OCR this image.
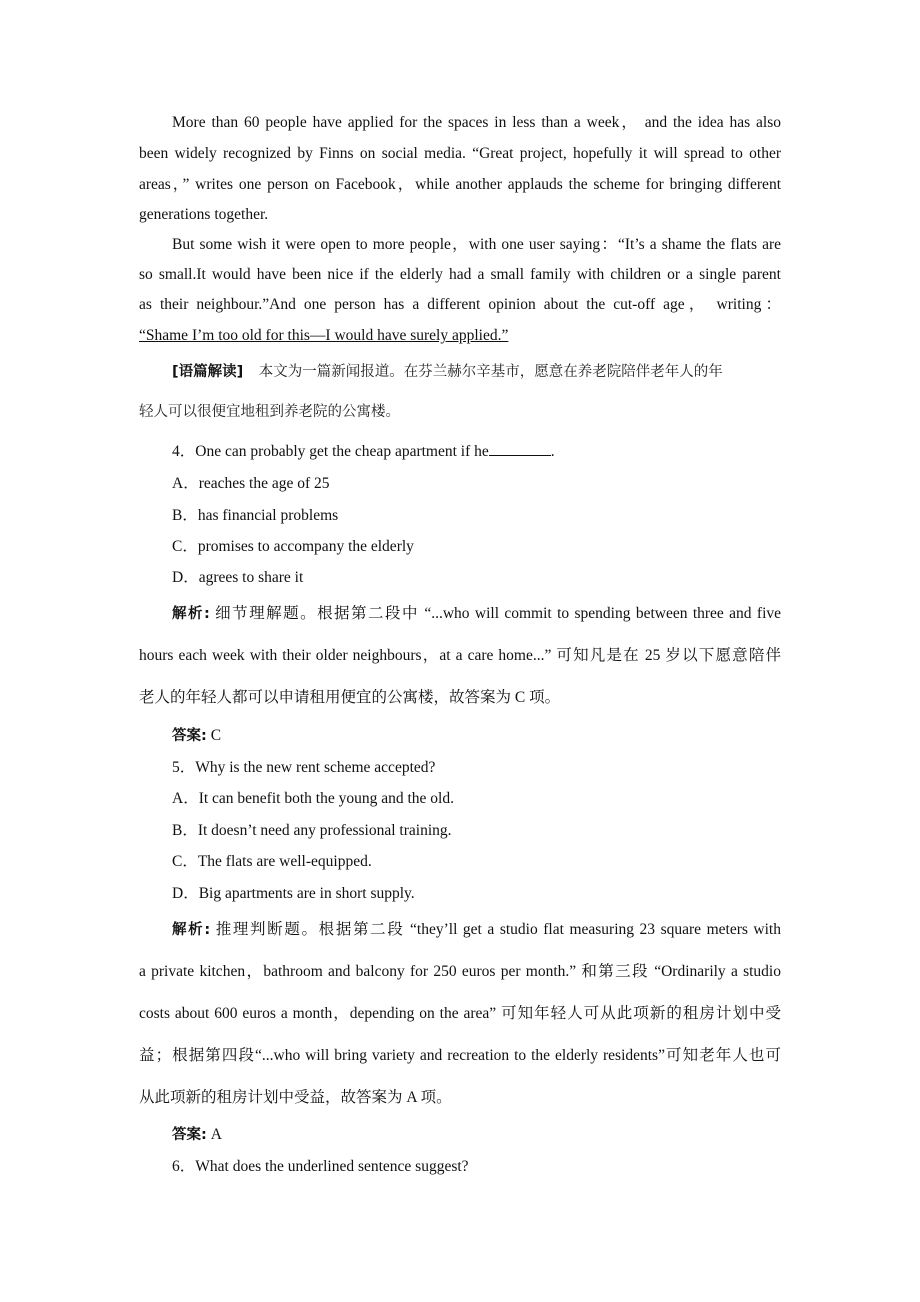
More than 60 people have applied for the spaces in less than a week， and the idea has also
been widely recognized by Finns on social media. “Great project, hopefully it will spread to other
areas，” writes one person on Facebook，while another applauds the scheme for bringing different
generations together.
But some wish it were open to more people，with one user saying：“It’s a shame the flats are
so small.It would have been nice if the elderly had a small family with children or a single parent
as their neighbour.”And one person has a different opinion about the cut-off age， writing：
“Shame I’m too old for this—I would have surely applied.”
[语篇解读] 本文为一篇新闻报道。在芬兰赫尔辛基市，愿意在养老院陪伴老年人的年
轻人可以很便宜地租到养老院的公寓楼。
4．One can probably get the cheap apartment if he	.
A．reaches the age of 25
B．has financial problems
C．promises to accompany the elderly
D．agrees to share it
解析: 细节理解题。根据第二段中 “...who will commit to spending between three and five
hours each week with their older neighbours，at a care home...” 可知凡是在 25 岁以下愿意陪伴
老人的年轻人都可以申请租用便宜的公寓楼，故答案为 C 项。
答案: C
5．Why is the new rent scheme accepted?
A．It can benefit both the young and the old.
B．It doesn’t need any professional training.
C．The flats are well-equipped.
D．Big apartments are in short supply.
解析: 推理判断题。根据第二段 “they’ll get a studio flat measuring 23 square meters with
a private kitchen，bathroom and balcony for 250 euros per month.” 和第三段 “Ordinarily a studio
costs about 600 euros a month，depending on the area” 可知年轻人可从此项新的租房计划中受
益；根据第四段“...who will bring variety and recreation to the elderly residents”可知老年人也可
从此项新的租房计划中受益，故答案为 A 项。
答案: A
6．What does the underlined sentence suggest?
